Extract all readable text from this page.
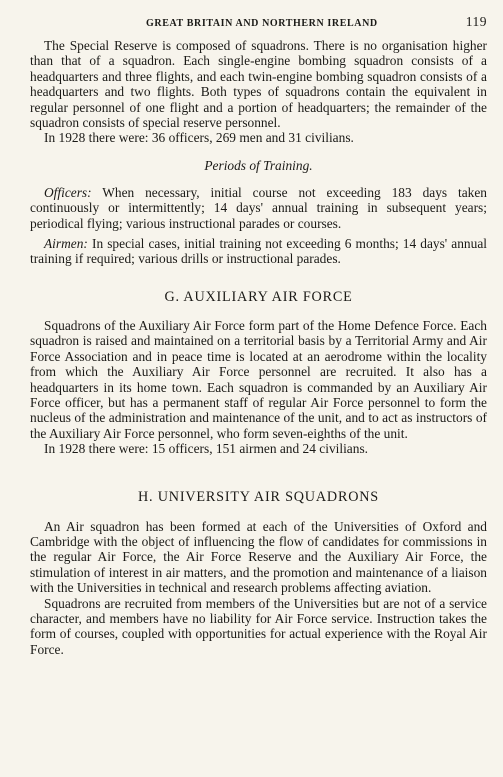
GREAT BRITAIN AND NORTHERN IRELAND	119

The Special Reserve is composed of squadrons. There is no organisation higher than that of a squadron. Each single-engine bombing squadron consists of a headquarters and three flights, and each twin-engine bombing squadron consists of a headquarters and two flights. Both types of squadrons contain the equivalent in regular personnel of one flight and a portion of headquarters; the remainder of the squadron consists of special reserve personnel.

In 1928 there were: 36 officers, 269 men and 31 civilians.

Periods of Training.

Officers: When necessary, initial course not exceeding 183 days taken continuously or intermittently; 14 days' annual training in subsequent years; periodical flying; various instructional parades or courses.

Airmen: In special cases, initial training not exceeding 6 months; 14 days' annual training if required; various drills or instructional parades.

G. AUXILIARY AIR FORCE

Squadrons of the Auxiliary Air Force form part of the Home Defence Force. Each squadron is raised and maintained on a territorial basis by a Territorial Army and Air Force Association and in peace time is located at an aerodrome within the locality from which the Auxiliary Air Force personnel are recruited. It also has a headquarters in its home town. Each squadron is commanded by an Auxiliary Air Force officer, but has a permanent staff of regular Air Force personnel to form the nucleus of the administration and maintenance of the unit, and to act as instructors of the Auxiliary Air Force personnel, who form seven-eighths of the unit.

In 1928 there were: 15 officers, 151 airmen and 24 civilians.

H. UNIVERSITY AIR SQUADRONS

An Air squadron has been formed at each of the Universities of Oxford and Cambridge with the object of influencing the flow of candidates for commissions in the regular Air Force, the Air Force Reserve and the Auxiliary Air Force, the stimulation of interest in air matters, and the promotion and maintenance of a liaison with the Universities in technical and research problems affecting aviation.

Squadrons are recruited from members of the Universities but are not of a service character, and members have no liability for Air Force service. Instruction takes the form of courses, coupled with opportunities for actual experience with the Royal Air Force.
